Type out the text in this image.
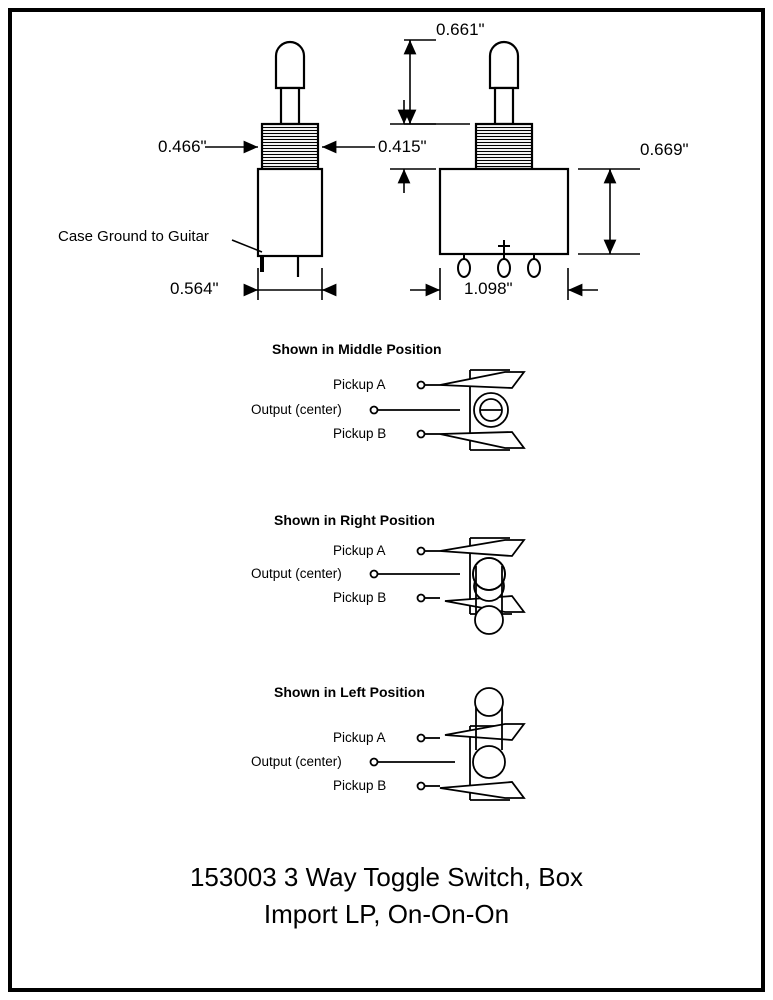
0.466"
0.564"
0.415"
0.661"
1.098"
0.669"
Case Ground to Guitar
Shown in Middle Position
Pickup A
Output (center)
Pickup B
Shown in Right Position
Pickup A
Output (center)
Pickup B
Shown in Left Position
Pickup A
Output (center)
Pickup B
153003 3 Way Toggle Switch, Box
Import LP, On-On-On
